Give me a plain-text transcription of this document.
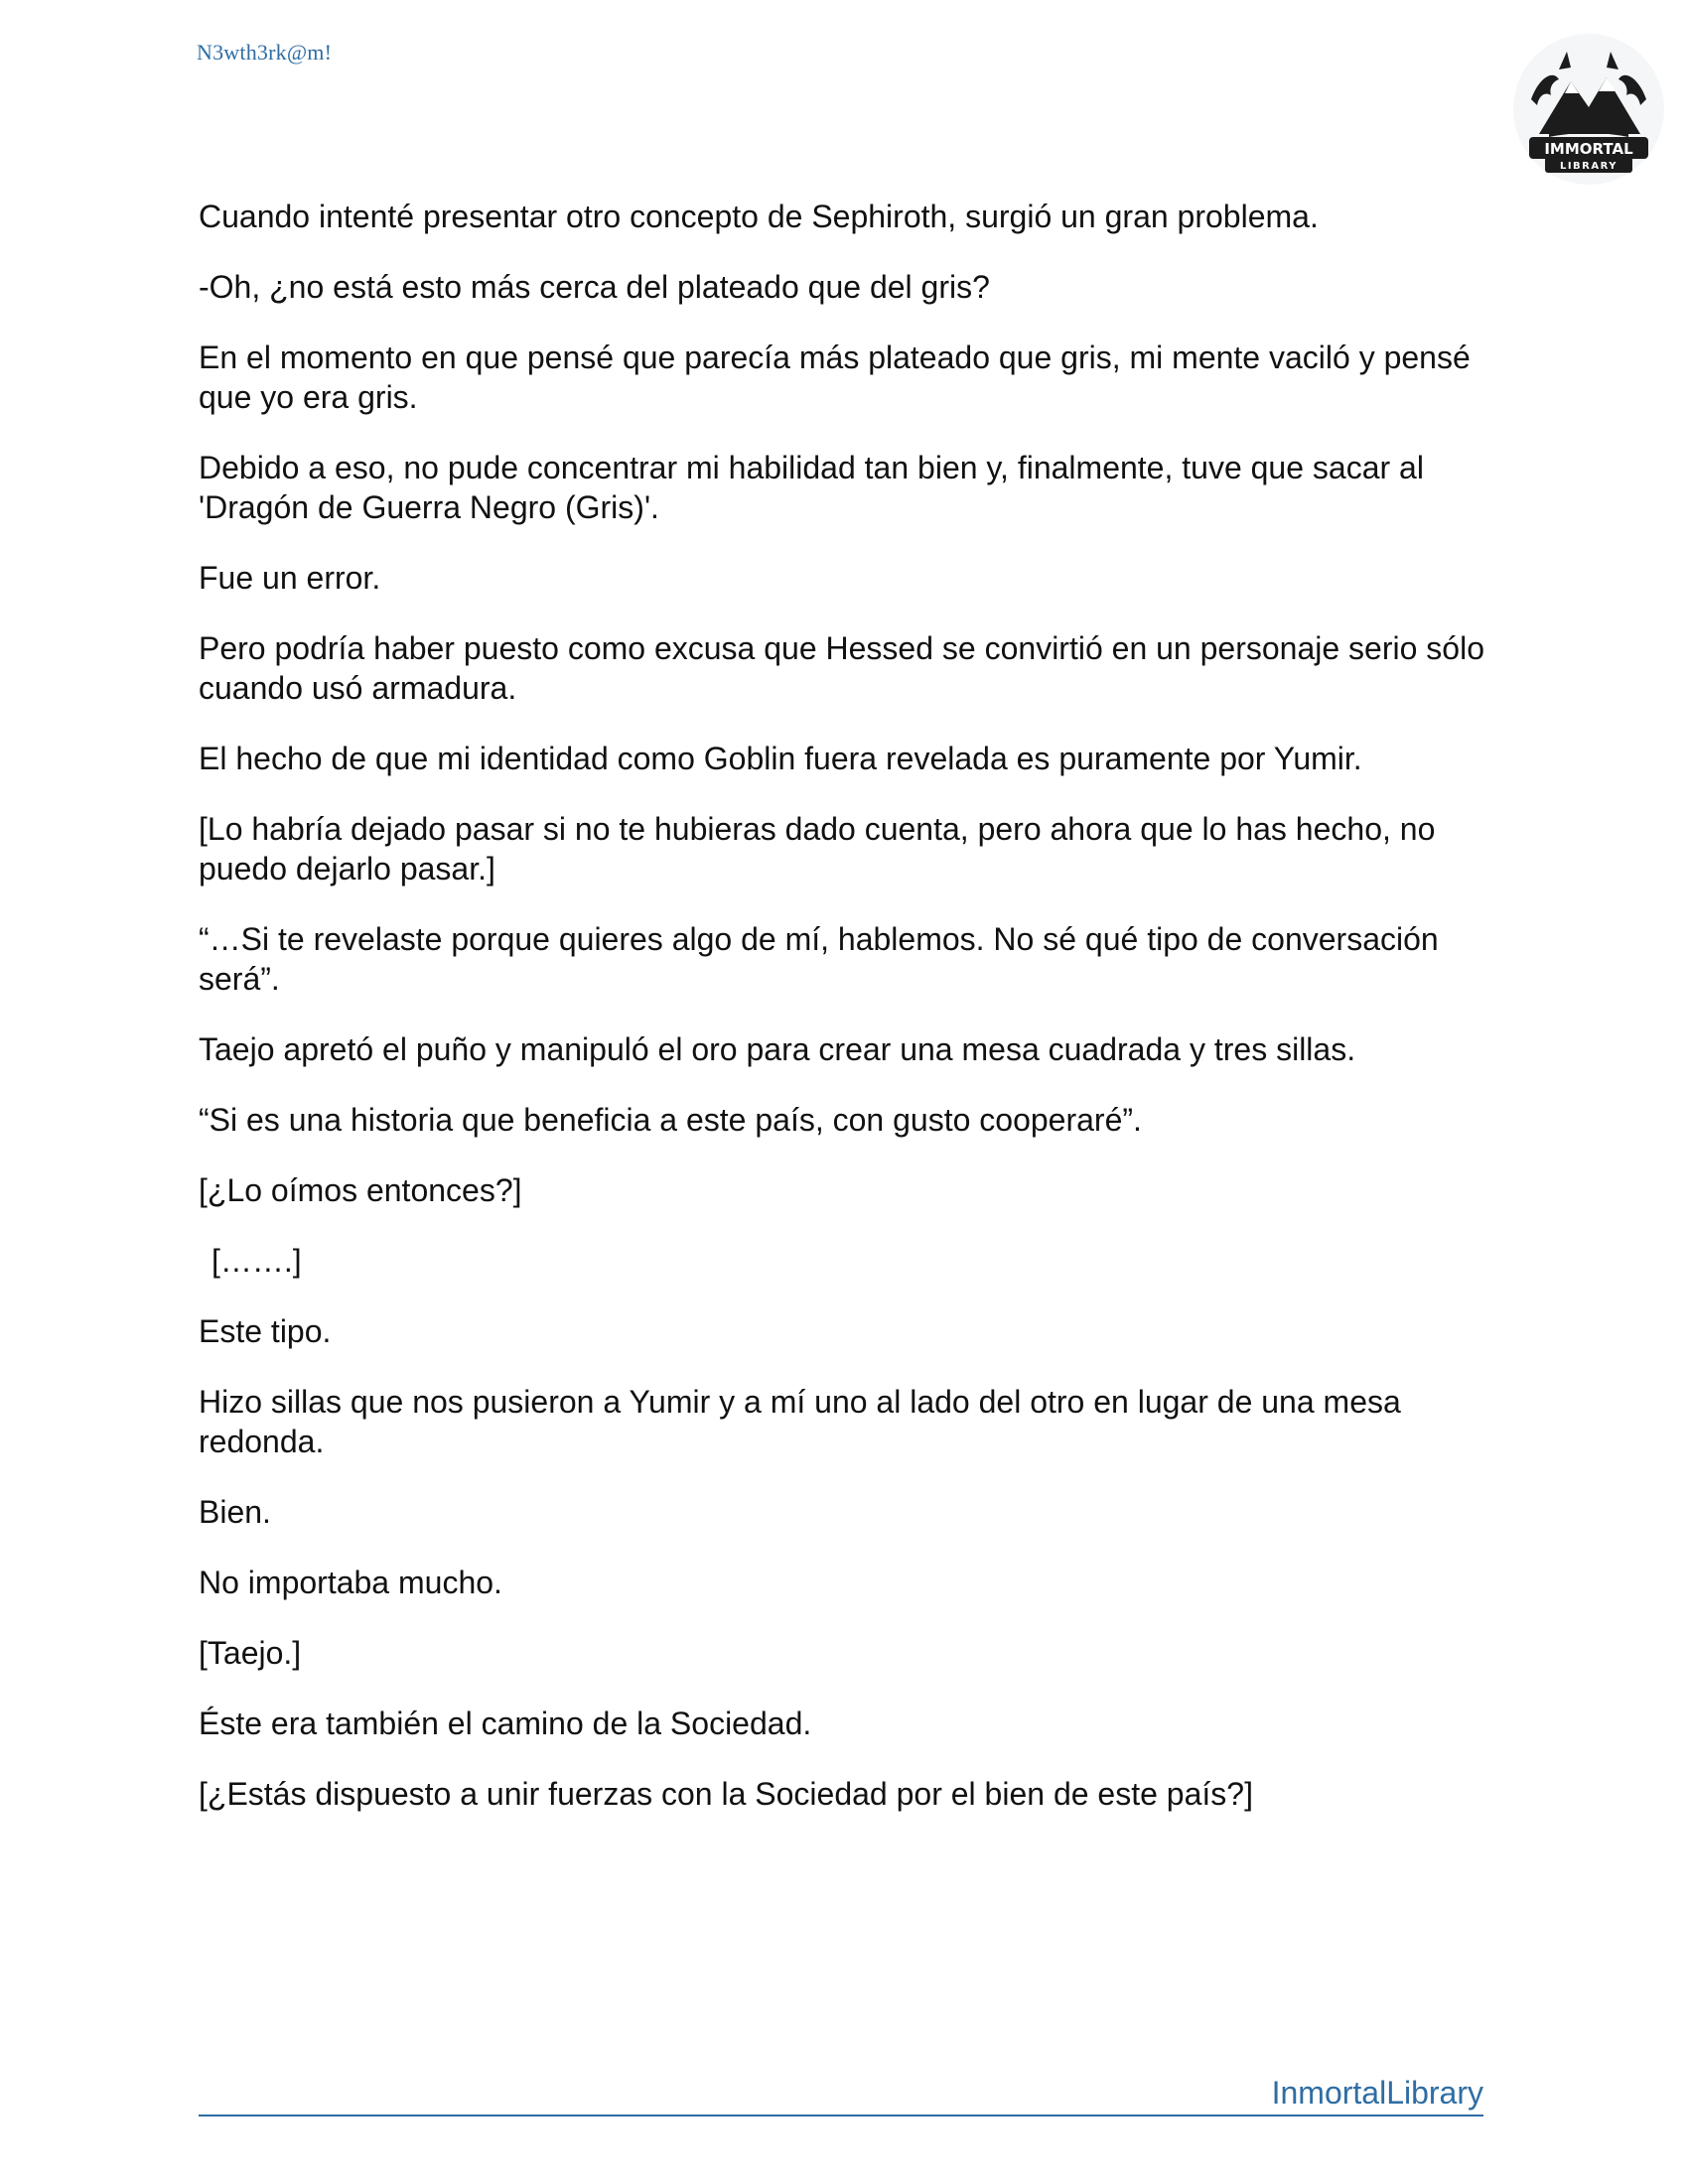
N3wth3rk@m!
IMMORTAL
LIBRARY

Cuando intenté presentar otro concepto de Sephiroth, surgió un gran problema.

-Oh, ¿no está esto más cerca del plateado que del gris?

En el momento en que pensé que parecía más plateado que gris, mi mente vaciló y pensé que yo era gris.

Debido a eso, no pude concentrar mi habilidad tan bien y, finalmente, tuve que sacar al 'Dragón de Guerra Negro (Gris)'.

Fue un error.

Pero podría haber puesto como excusa que Hessed se convirtió en un personaje serio sólo cuando usó armadura.

El hecho de que mi identidad como Goblin fuera revelada es puramente por Yumir.

[Lo habría dejado pasar si no te hubieras dado cuenta, pero ahora que lo has hecho, no puedo dejarlo pasar.]

“…Si te revelaste porque quieres algo de mí, hablemos. No sé qué tipo de conversación será”.

Taejo apretó el puño y manipuló el oro para crear una mesa cuadrada y tres sillas.

“Si es una historia que beneficia a este país, con gusto cooperaré”.

[¿Lo oímos entonces?]

[…….]

Este tipo.

Hizo sillas que nos pusieron a Yumir y a mí uno al lado del otro en lugar de una mesa redonda.

Bien.

No importaba mucho.

[Taejo.]

Éste era también el camino de la Sociedad.

[¿Estás dispuesto a unir fuerzas con la Sociedad por el bien de este país?]

InmortalLibrary
